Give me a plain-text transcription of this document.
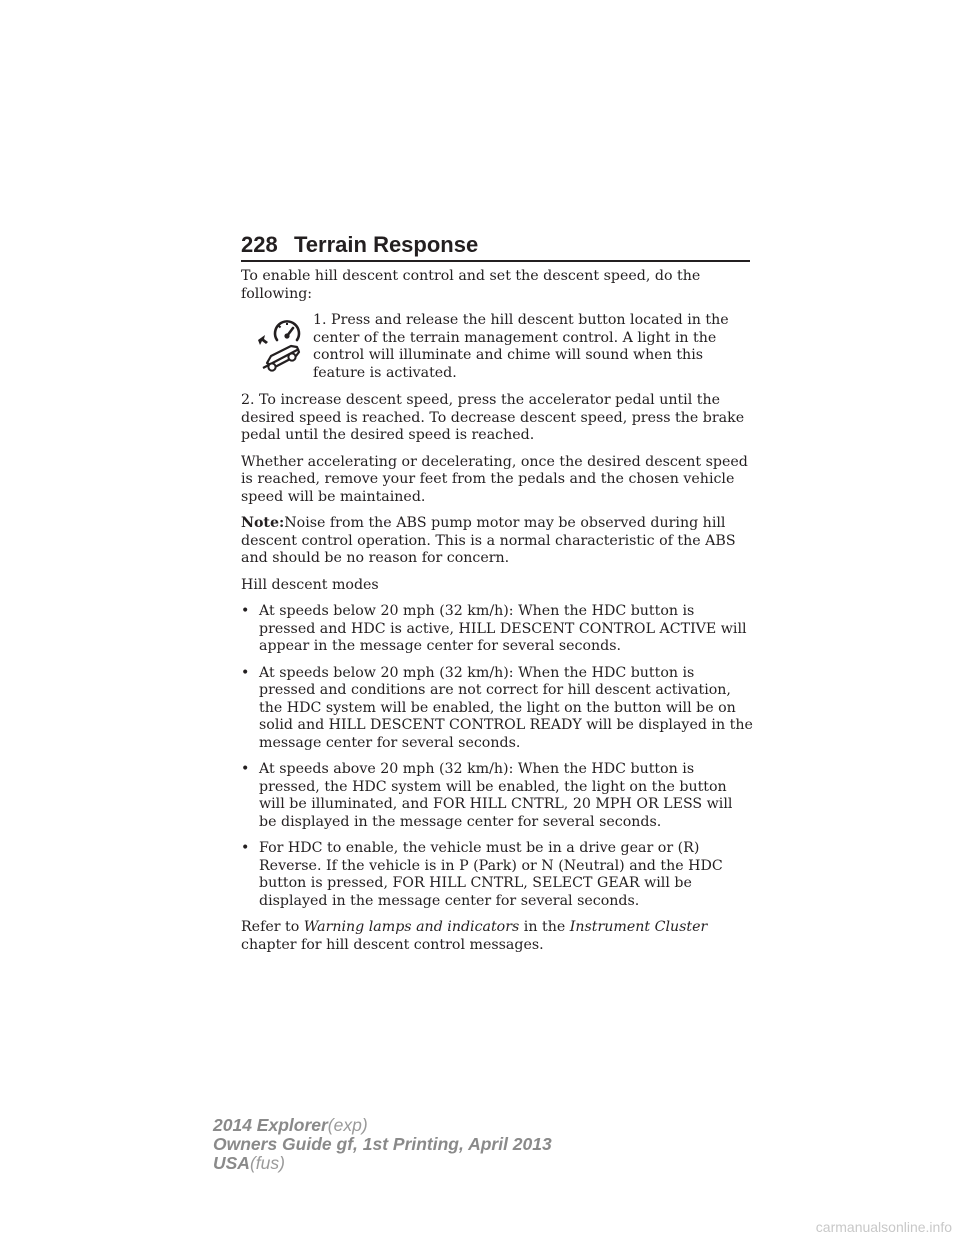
228 Terrain Response

To enable hill descent control and set the descent speed, do the following:

1. Press and release the hill descent button located in the center of the terrain management control. A light in the control will illuminate and chime will sound when this feature is activated.

2. To increase descent speed, press the accelerator pedal until the desired speed is reached. To decrease descent speed, press the brake pedal until the desired speed is reached.

Whether accelerating or decelerating, once the desired descent speed is reached, remove your feet from the pedals and the chosen vehicle speed will be maintained.

Note:Noise from the ABS pump motor may be observed during hill descent control operation. This is a normal characteristic of the ABS and should be no reason for concern.

Hill descent modes

• At speeds below 20 mph (32 km/h): When the HDC button is pressed and HDC is active, HILL DESCENT CONTROL ACTIVE will appear in the message center for several seconds.
• At speeds below 20 mph (32 km/h): When the HDC button is pressed and conditions are not correct for hill descent activation, the HDC system will be enabled, the light on the button will be on solid and HILL DESCENT CONTROL READY will be displayed in the message center for several seconds.
• At speeds above 20 mph (32 km/h): When the HDC button is pressed, the HDC system will be enabled, the light on the button will be illuminated, and FOR HILL CNTRL, 20 MPH OR LESS will be displayed in the message center for several seconds.
• For HDC to enable, the vehicle must be in a drive gear or (R) Reverse. If the vehicle is in P (Park) or N (Neutral) and the HDC button is pressed, FOR HILL CNTRL, SELECT GEAR will be displayed in the message center for several seconds.

Refer to Warning lamps and indicators in the Instrument Cluster chapter for hill descent control messages.

2014 Explorer(exp)
Owners Guide gf, 1st Printing, April 2013
USA(fus)
carmanualsonline.info
